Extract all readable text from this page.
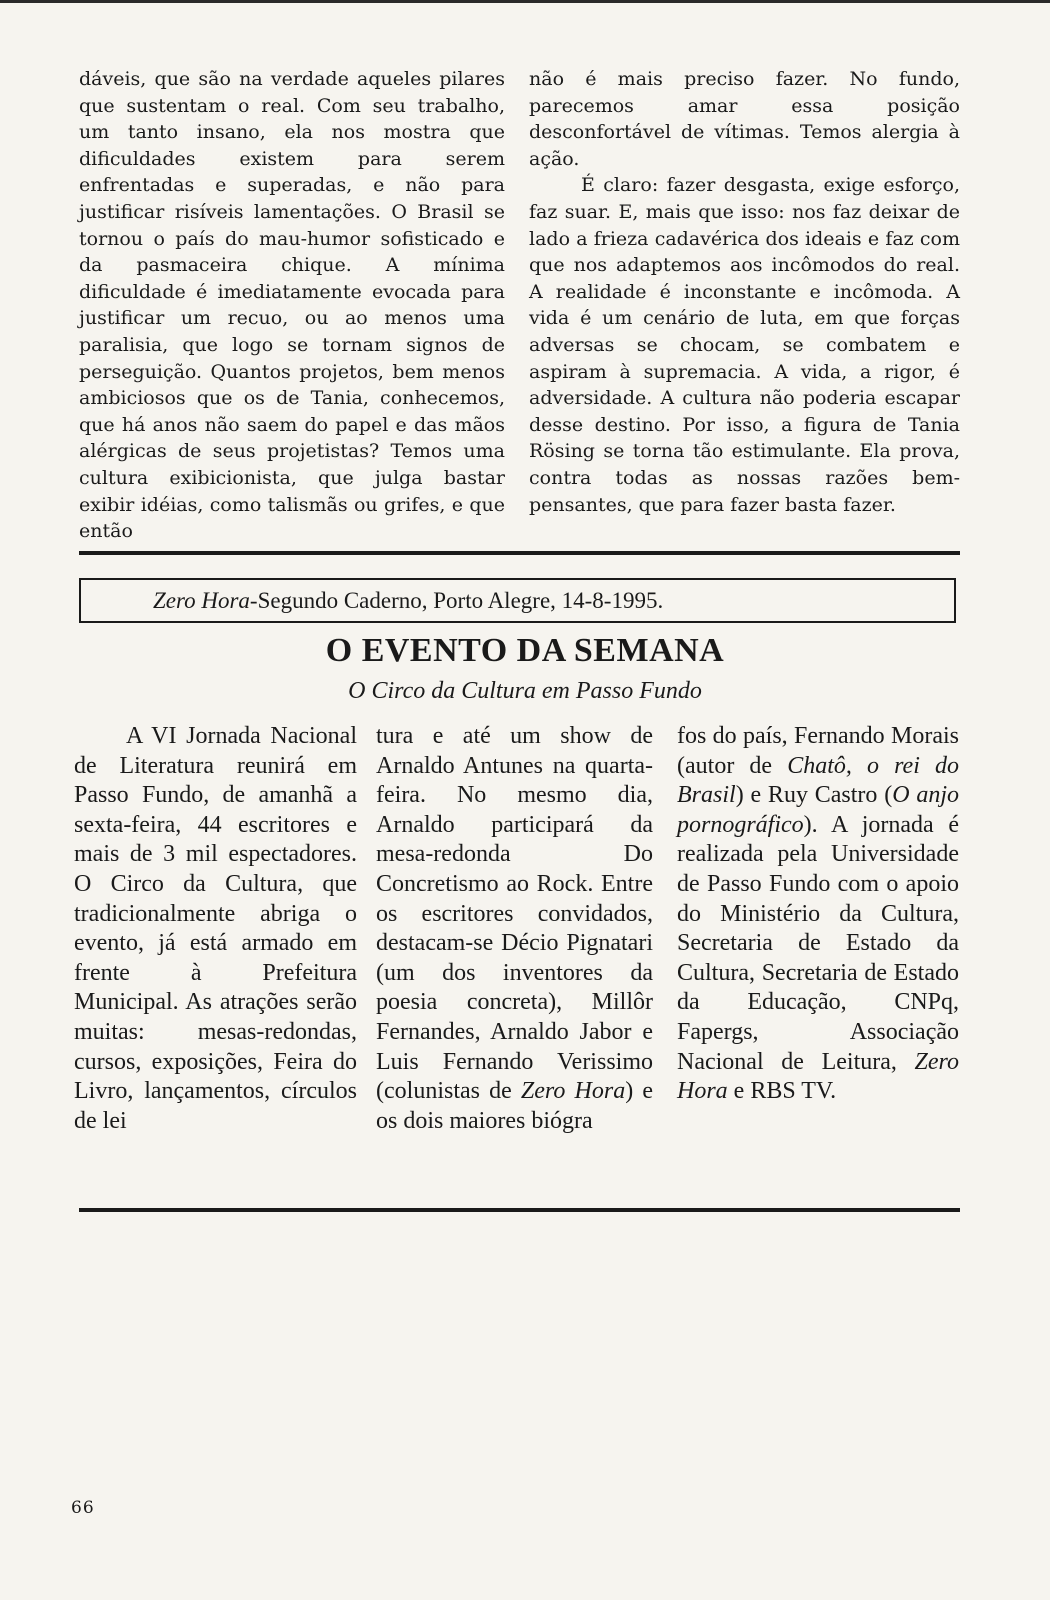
dáveis, que são na verdade aqueles pilares que sustentam o real. Com seu trabalho, um tanto insano, ela nos mostra que dificuldades existem para serem enfrentadas e superadas, e não para justificar risíveis lamentações. O Brasil se tornou o país do mau-humor sofisticado e da pasmaceira chique. A mínima dificuldade é imediatamente evocada para justificar um recuo, ou ao menos uma paralisia, que logo se tornam signos de perseguição. Quantos projetos, bem menos ambiciosos que os de Tania, conhecemos, que há anos não saem do papel e das mãos alérgicas de seus projetistas? Temos uma cultura exibicionista, que julga bastar exibir idéias, como talismãs ou grifes, e que então

não é mais preciso fazer. No fundo, parecemos amar essa posição desconfortável de vítimas. Temos alergia à ação.

É claro: fazer desgasta, exige esforço, faz suar. E, mais que isso: nos faz deixar de lado a frieza cadavérica dos ideais e faz com que nos adaptemos aos incômodos do real. A realidade é inconstante e incômoda. A vida é um cenário de luta, em que forças adversas se chocam, se combatem e aspiram à supremacia. A vida, a rigor, é adversidade. A cultura não poderia escapar desse destino. Por isso, a figura de Tania Rösing se torna tão estimulante. Ela prova, contra todas as nossas razões bem-pensantes, que para fazer basta fazer.

Zero Hora-Segundo Caderno, Porto Alegre, 14-8-1995.
O EVENTO DA SEMANA
O Circo da Cultura em Passo Fundo

A VI Jornada Nacional de Literatura reunirá em Passo Fundo, de amanhã a sexta-feira, 44 escritores e mais de 3 mil espectadores. O Circo da Cultura, que tradicionalmente abriga o evento, já está armado em frente à Prefeitura Municipal. As atrações serão muitas: mesas-redondas, cursos, exposições, Feira do Livro, lançamentos, círculos de lei

tura e até um show de Arnaldo Antunes na quarta-feira. No mesmo dia, Arnaldo participará da mesa-redonda Do Concretismo ao Rock. Entre os escritores convidados, destacam-se Décio Pignatari (um dos inventores da poesia concreta), Millôr Fernandes, Arnaldo Jabor e Luis Fernando Verissimo (colunistas de Zero Hora) e os dois maiores biógra

fos do país, Fernando Morais (autor de Chatô, o rei do Brasil) e Ruy Castro (O anjo pornográfico). A jornada é realizada pela Universidade de Passo Fundo com o apoio do Ministério da Cultura, Secretaria de Estado da Cultura, Secretaria de Estado da Educação, CNPq, Fapergs, Associação Nacional de Leitura, Zero Hora e RBS TV.

66
